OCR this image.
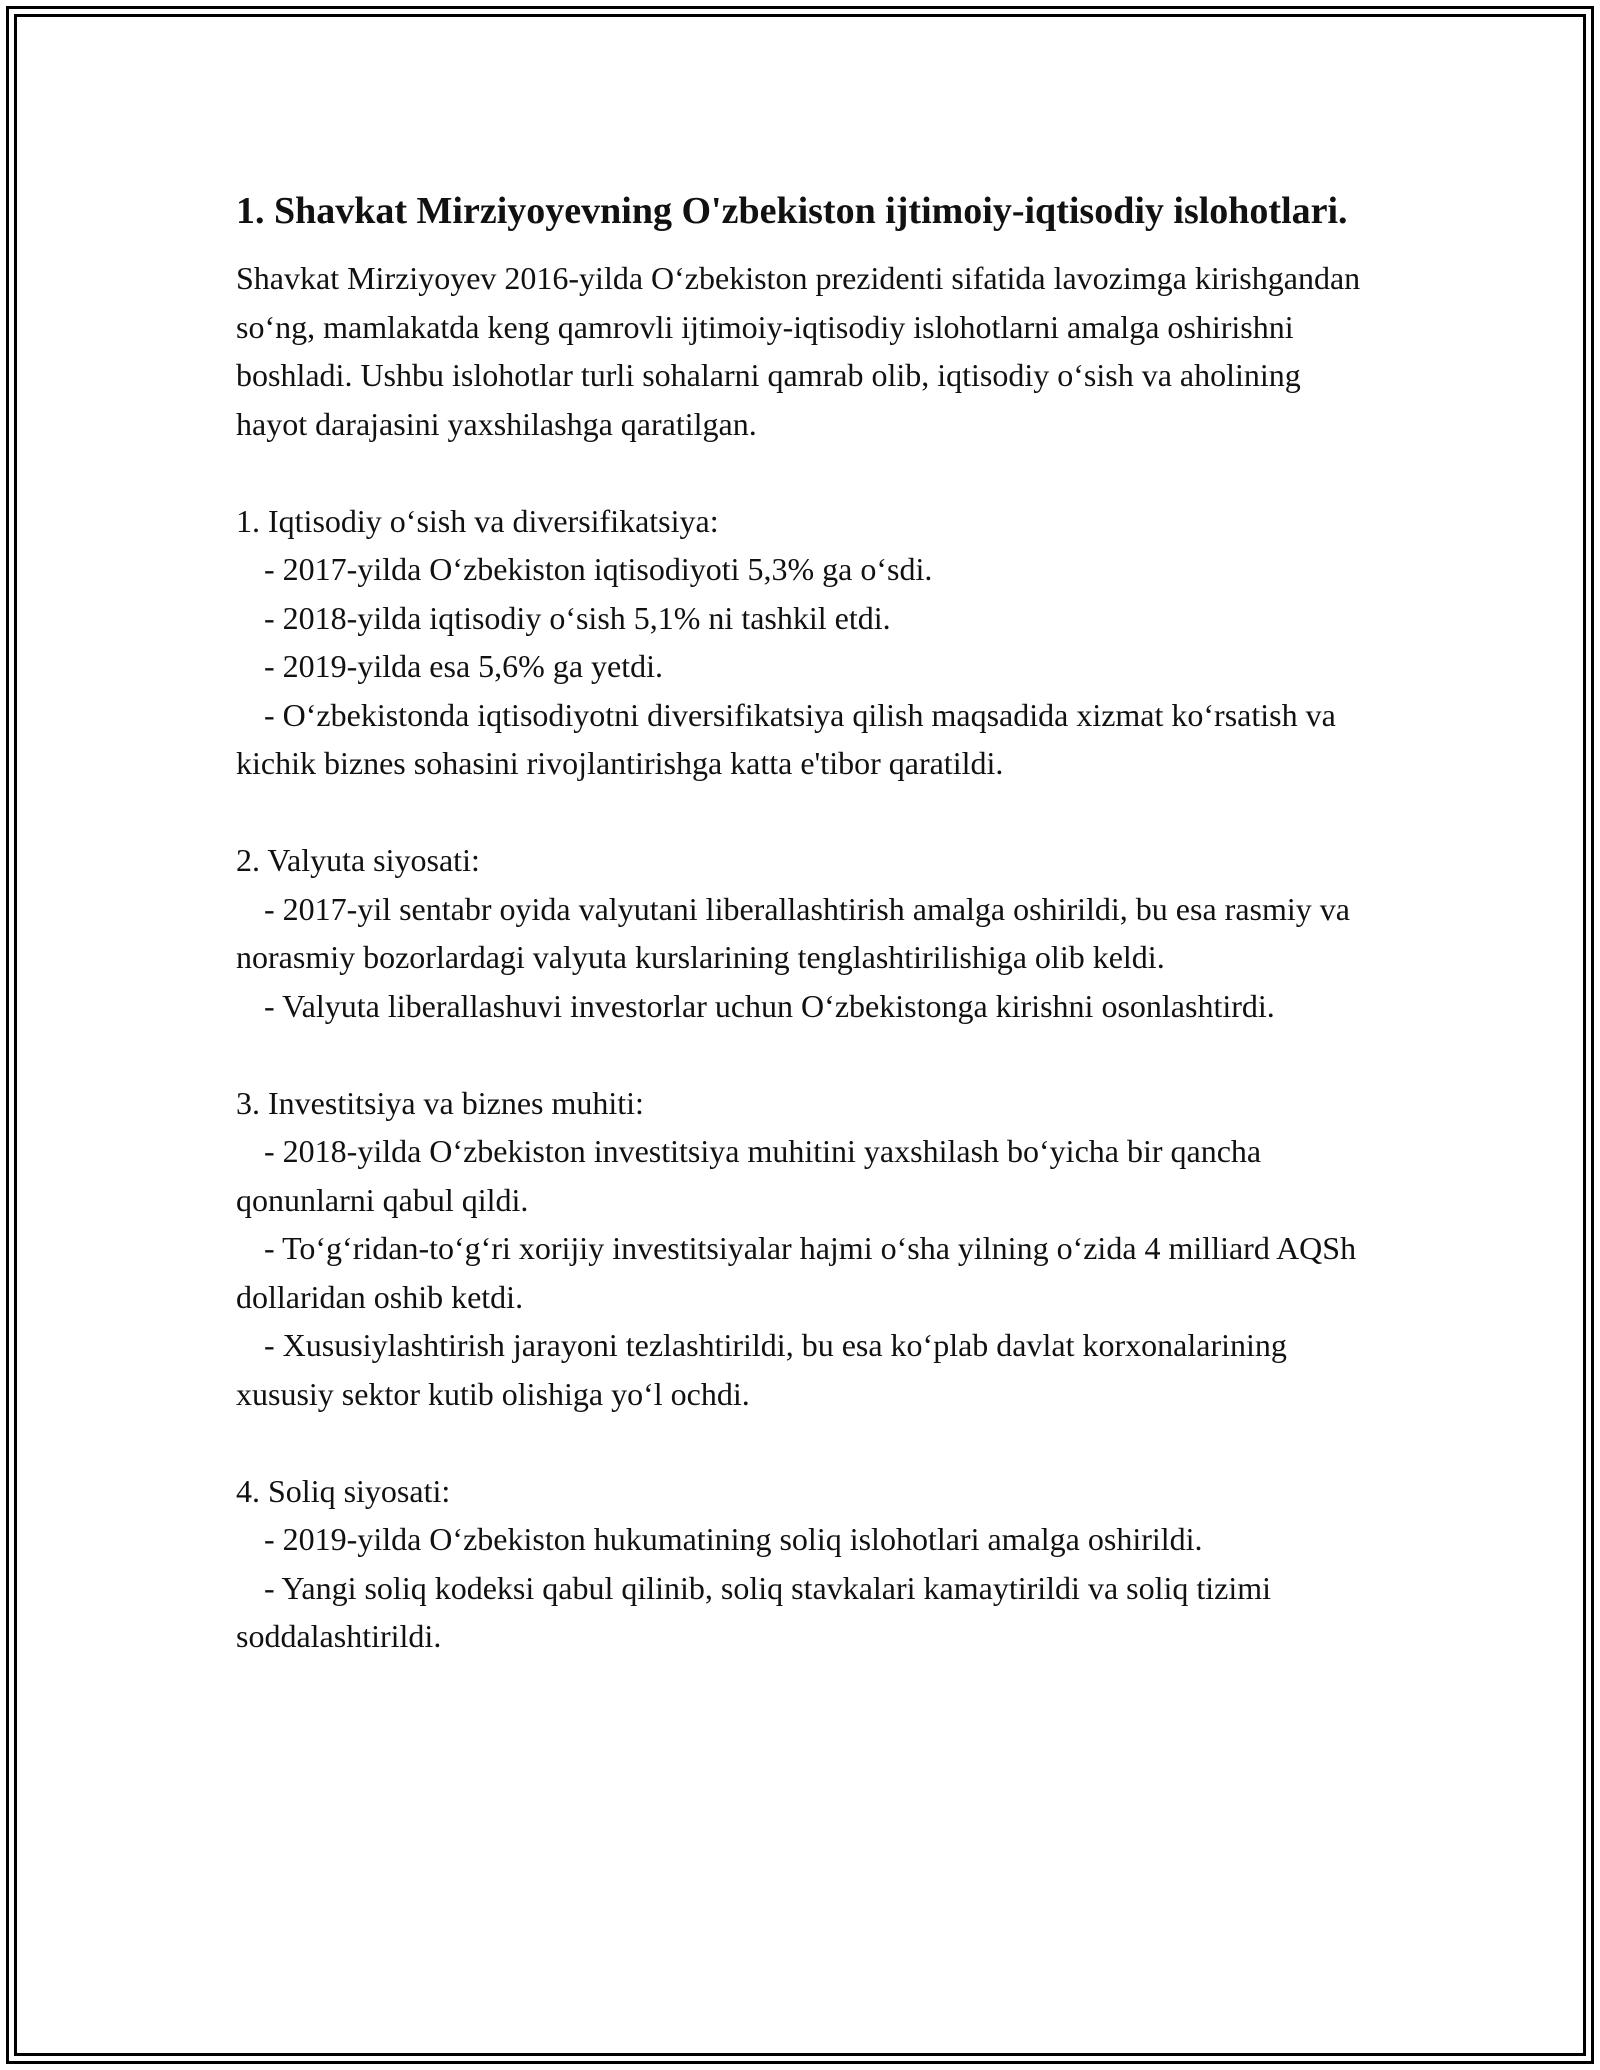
1. Shavkat Mirziyoyevning O'zbekiston ijtimoiy-iqtisodiy islohotlari.

Shavkat Mirziyoyev 2016-yilda O‘zbekiston prezidenti sifatida lavozimga kirishgandan so‘ng, mamlakatda keng qamrovli ijtimoiy-iqtisodiy islohotlarni amalga oshirishni boshladi. Ushbu islohotlar turli sohalarni qamrab olib, iqtisodiy o‘sish va aholining hayot darajasini yaxshilashga qaratilgan.

1. Iqtisodiy o‘sish va diversifikatsiya:

- 2017-yilda O‘zbekiston iqtisodiyoti 5,3% ga o‘sdi.

- 2018-yilda iqtisodiy o‘sish 5,1% ni tashkil etdi.

- 2019-yilda esa 5,6% ga yetdi.

- O‘zbekistonda iqtisodiyotni diversifikatsiya qilish maqsadida xizmat ko‘rsatish va kichik biznes sohasini rivojlantirishga katta e'tibor qaratildi.

2. Valyuta siyosati:

- 2017-yil sentabr oyida valyutani liberallashtirish amalga oshirildi, bu esa rasmiy va norasmiy bozorlardagi valyuta kurslarining tenglashtirilishiga olib keldi.

- Valyuta liberallashuvi investorlar uchun O‘zbekistonga kirishni osonlashtirdi.

3. Investitsiya va biznes muhiti:

- 2018-yilda O‘zbekiston investitsiya muhitini yaxshilash bo‘yicha bir qancha qonunlarni qabul qildi.

- To‘g‘ridan-to‘g‘ri xorijiy investitsiyalar hajmi o‘sha yilning o‘zida 4 milliard AQSh dollaridan oshib ketdi.

- Xususiylashtirish jarayoni tezlashtirildi, bu esa ko‘plab davlat korxonalarining xususiy sektor kutib olishiga yo‘l ochdi.

4. Soliq siyosati:

- 2019-yilda O‘zbekiston hukumatining soliq islohotlari amalga oshirildi.

- Yangi soliq kodeksi qabul qilinib, soliq stavkalari kamaytirildi va soliq tizimi soddalashtirildi.
